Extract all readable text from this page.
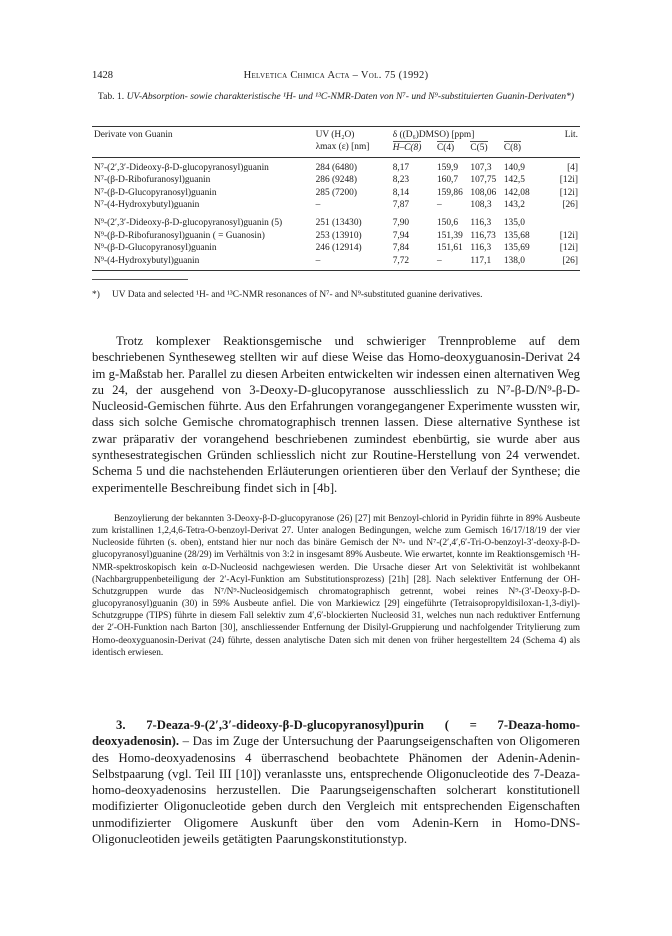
1428	Helvetica Chimica Acta – Vol. 75 (1992)
Tab. 1. UV-Absorption- sowie charakteristische ¹H- und ¹³C-NMR-Daten von N⁷- und N⁹-substituierten Guanin-Derivaten*)
Derivate von Guanin	UV (H₂O)	δ ((D₆)DMSO) [ppm]				Lit.
	λmax (ε) [nm]	H–C(8)	C(4)	C(5)	C(8)	
N⁷-(2′,3′-Dideoxy-β-D-glucopyranosyl)guanin	284 (6480)	8,17	159,9	107,3	140,9	[4]
N⁷-(β-D-Ribofuranosyl)guanin	286 (9248)	8,23	160,7	107,75	142,5	[12i]
N⁷-(β-D-Glucopyranosyl)guanin	285 (7200)	8,14	159,86	108,06	142,08	[12i]
N⁷-(4-Hydroxybutyl)guanin	–	7,87	–	108,3	143,2	[26]
N⁹-(2′,3′-Dideoxy-β-D-glucopyranosyl)guanin (5)	251 (13430)	7,90	150,6	116,3	135,0	
N⁹-(β-D-Ribofuranosyl)guanin ( = Guanosin)	253 (13910)	7,94	151,39	116,73	135,68	[12i]
N⁹-(β-D-Glucopyranosyl)guanin	246 (12914)	7,84	151,61	116,3	135,69	[12i]
N⁹-(4-Hydroxybutyl)guanin	–	7,72	–	117,1	138,0	[26]
*) UV Data and selected ¹H- and ¹³C-NMR resonances of N⁷- and N⁹-substituted guanine derivatives.

Trotz komplexer Reaktionsgemische und schwieriger Trennprobleme auf dem beschriebenen Syntheseweg stellten wir auf diese Weise das Homo-deoxyguanosin-Derivat 24 im g-Maßstab her. Parallel zu diesen Arbeiten entwickelten wir indessen einen alternativen Weg zu 24, der ausgehend von 3-Deoxy-D-glucopyranose ausschliesslich zu N⁷-β-D/N⁹-β-D-Nucleosid-Gemischen führte. Aus den Erfahrungen vorangegangener Experimente wussten wir, dass sich solche Gemische chromatographisch trennen lassen. Diese alternative Synthese ist zwar präparativ der vorangehend beschriebenen zumindest ebenbürtig, sie wurde aber aus synthesestrategischen Gründen schliesslich nicht zur Routine-Herstellung von 24 verwendet. Schema 5 und die nachstehenden Erläuterungen orientieren über den Verlauf der Synthese; die experimentelle Beschreibung findet sich in [4b].

Benzoylierung der bekannten 3-Deoxy-β-D-glucopyranose (26) [27] mit Benzoyl-chlorid in Pyridin führte in 89% Ausbeute zum kristallinen 1,2,4,6-Tetra-O-benzoyl-Derivat 27. Unter analogen Bedingungen, welche zum Gemisch 16/17/18/19 der vier Nucleoside führten (s. oben), entstand hier nur noch das binäre Gemisch der N⁹- und N⁷-(2′,4′,6′-Tri-O-benzoyl-3′-deoxy-β-D-glucopyranosyl)guanine (28/29) im Verhältnis von 3:2 in insgesamt 89% Ausbeute. Wie erwartet, konnte im Reaktionsgemisch ¹H-NMR-spektroskopisch kein α-D-Nucleosid nachgewiesen werden. Die Ursache dieser Art von Selektivität ist wohlbekannt (Nachbargruppenbeteiligung der 2′-Acyl-Funktion am Substitutionsprozess) [21h] [28]. Nach selektiver Entfernung der OH-Schutzgruppen wurde das N⁷/N⁹-Nucleosidgemisch chromatographisch getrennt, wobei reines N⁹-(3′-Deoxy-β-D-glucopyranosyl)guanin (30) in 59% Ausbeute anfiel. Die von Markiewicz [29] eingeführte (Tetraisopropyldisiloxan-1,3-diyl)-Schutzgruppe (TIPS) führte in diesem Fall selektiv zum 4′,6′-blockierten Nucleosid 31, welches nun nach reduktiver Entfernung der 2′-OH-Funktion nach Barton [30], anschliessender Entfernung der Disilyl-Gruppierung und nachfolgender Tritylierung zum Homo-deoxyguanosin-Derivat (24) führte, dessen analytische Daten sich mit denen von früher hergestelltem 24 (Schema 4) als identisch erwiesen.

3. 7-Deaza-9-(2′,3′-dideoxy-β-D-glucopyranosyl)purin ( = 7-Deaza-homo-deoxyadenosin). – Das im Zuge der Untersuchung der Paarungseigenschaften von Oligomeren des Homo-deoxyadenosins 4 überraschend beobachtete Phänomen der Adenin-Adenin-Selbstpaarung (vgl. Teil III [10]) veranlasste uns, entsprechende Oligonucleotide des 7-Deaza-homo-deoxyadenosins herzustellen. Die Paarungseigenschaften solcherart konstitutionell modifizierter Oligonucleotide geben durch den Vergleich mit entsprechenden Eigenschaften unmodifizierter Oligomere Auskunft über den vom Adenin-Kern in Homo-DNS-Oligonucleotiden jeweils getätigten Paarungskonstitutionstyp.
